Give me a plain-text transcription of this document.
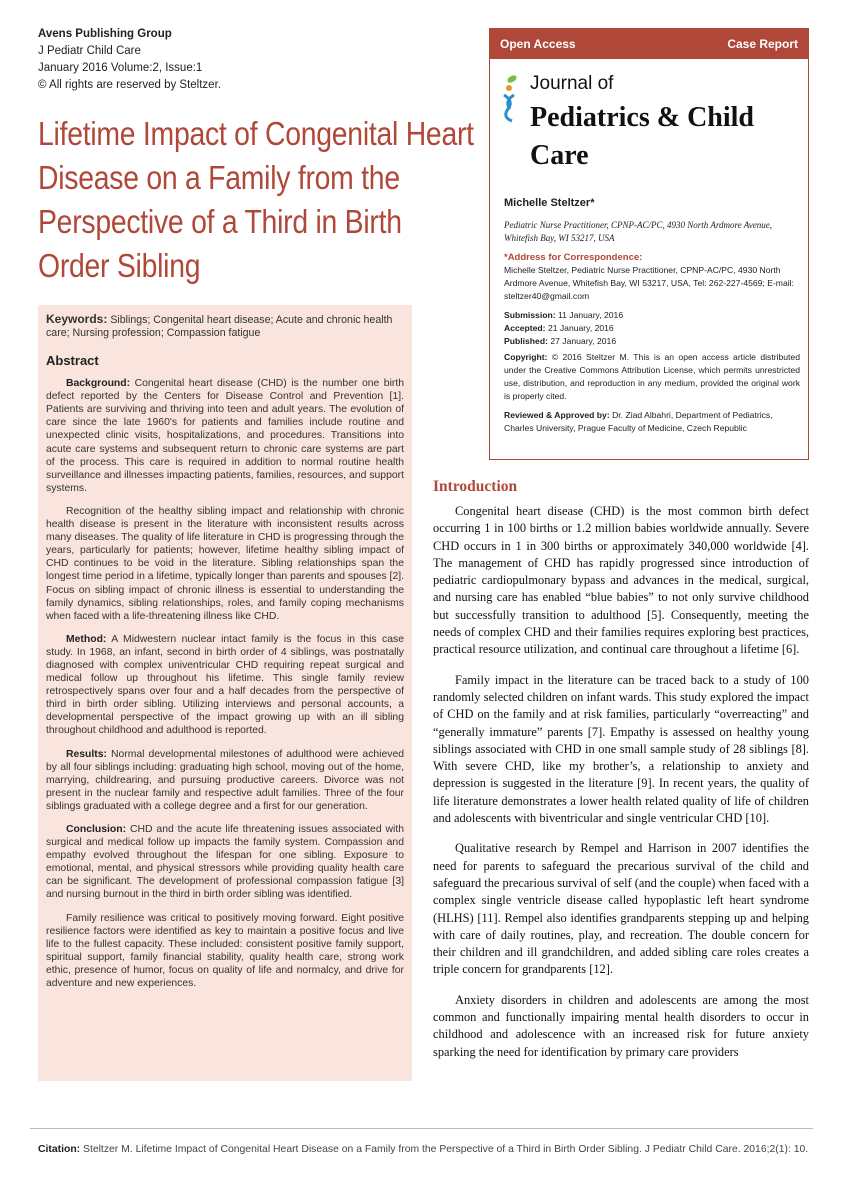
Avens Publishing Group
J Pediatr Child Care
January 2016 Volume:2, Issue:1
© All rights are reserved by Steltzer.
Lifetime Impact of Congenital Heart Disease on a Family from the Perspective of a Third in Birth Order Sibling
Open Access	Case Report
Journal of
Pediatrics & Child Care
Michelle Steltzer*
Pediatric Nurse Practitioner, CPNP-AC/PC, 4930 North Ardmore Avenue, Whitefish Bay, WI 53217, USA
*Address for Correspondence:
Michelle Steltzer, Pediatric Nurse Practitioner, CPNP-AC/PC, 4930 North Ardmore Avenue, Whitefish Bay, WI 53217, USA, Tel: 262-227-4569; E-mail: steltzer40@gmail.com
Submission: 11 January, 2016
Accepted: 21 January, 2016
Published: 27 January, 2016
Copyright: © 2016 Steltzer M. This is an open access article distributed under the Creative Commons Attribution License, which permits unrestricted use, distribution, and reproduction in any medium, provided the original work is properly cited.
Reviewed & Approved by: Dr. Ziad Albahri, Department of Pediatrics, Charles University, Prague Faculty of Medicine, Czech Republic
Keywords: Siblings; Congenital heart disease; Acute and chronic health care; Nursing profession; Compassion fatigue
Abstract

Background: Congenital heart disease (CHD) is the number one birth defect reported by the Centers for Disease Control and Prevention [1]. Patients are surviving and thriving into teen and adult years. The evolution of care since the late 1960's for patients and families include routine and unexpected clinic visits, hospitalizations, and procedures. Transitions into acute care systems and subsequent return to chronic care systems are part of the process. This care is required in addition to normal routine health surveillance and illnesses impacting patients, families, resources, and support systems.

Recognition of the healthy sibling impact and relationship with chronic health disease is present in the literature with inconsistent results across many diseases. The quality of life literature in CHD is progressing through the years, particularly for patients; however, lifetime healthy sibling impact of CHD continues to be void in the literature. Sibling relationships span the longest time period in a lifetime, typically longer than parents and spouses [2]. Focus on sibling impact of chronic illness is essential to understanding the family dynamics, sibling relationships, roles, and family coping mechanisms when faced with a life-threatening illness like CHD.

Method: A Midwestern nuclear intact family is the focus in this case study. In 1968, an infant, second in birth order of 4 siblings, was postnatally diagnosed with complex univentricular CHD requiring repeat surgical and medical follow up throughout his lifetime. This single family review retrospectively spans over four and a half decades from the perspective of third in birth order sibling. Utilizing interviews and personal accounts, a developmental perspective of the impact growing up with an ill sibling throughout childhood and adulthood is reported.

Results: Normal developmental milestones of adulthood were achieved by all four siblings including: graduating high school, moving out of the home, marrying, childrearing, and pursuing productive careers. Divorce was not present in the nuclear family and respective adult families. Three of the four siblings graduated with a college degree and a first for our generation.

Conclusion: CHD and the acute life threatening issues associated with surgical and medical follow up impacts the family system. Compassion and empathy evolved throughout the lifespan for one sibling. Exposure to emotional, mental, and physical stressors while providing quality health care can be significant. The development of professional compassion fatigue [3] and nursing burnout in the third in birth order sibling was identified.

Family resilience was critical to positively moving forward. Eight positive resilience factors were identified as key to maintain a positive focus and live life to the fullest capacity. These included: consistent positive family support, spiritual support, family financial stability, quality health care, strong work ethic, presence of humor, focus on quality of life and normalcy, and drive for adventure and new experiences.

Introduction

Congenital heart disease (CHD) is the most common birth defect occurring 1 in 100 births or 1.2 million babies worldwide annually. Severe CHD occurs in 1 in 300 births or approximately 340,000 worldwide [4]. The management of CHD has rapidly progressed since introduction of pediatric cardiopulmonary bypass and advances in the medical, surgical, and nursing care has enabled “blue babies” to not only survive childhood but successfully transition to adulthood [5]. Consequently, meeting the needs of complex CHD and their families requires exploring best practices, practical resource utilization, and continual care throughout a lifetime [6].

Family impact in the literature can be traced back to a study of 100 randomly selected children on infant wards. This study explored the impact of CHD on the family and at risk families, particularly “overreacting” and “generally immature” parents [7]. Empathy is assessed on healthy young siblings associated with CHD in one small sample study of 28 siblings [8]. With severe CHD, like my brother’s, a relationship to anxiety and depression is suggested in the literature [9]. In recent years, the quality of life literature demonstrates a lower health related quality of life of children and adolescents with biventricular and single ventricular CHD [10].

Qualitative research by Rempel and Harrison in 2007 identifies the need for parents to safeguard the precarious survival of the child and safeguard the precarious survival of self (and the couple) when faced with a complex single ventricle disease called hypoplastic left heart syndrome (HLHS) [11]. Rempel also identifies grandparents stepping up and helping with care of daily routines, play, and recreation. The double concern for their children and ill grandchildren, and added sibling care roles creates a triple concern for grandparents [12].

Anxiety disorders in children and adolescents are among the most common and functionally impairing mental health disorders to occur in childhood and adolescence with an increased risk for future anxiety sparking the need for identification by primary care providers

Citation: Steltzer M. Lifetime Impact of Congenital Heart Disease on a Family from the Perspective of a Third in Birth Order Sibling. J Pediatr Child Care. 2016;2(1): 10.
